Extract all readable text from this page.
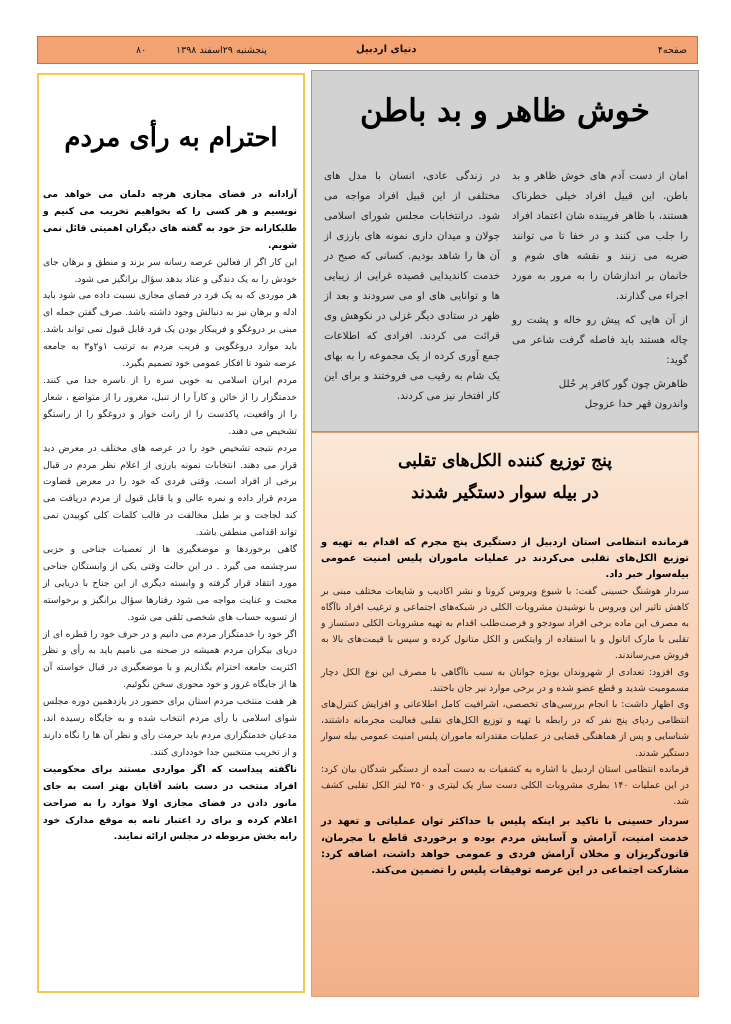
صفحه۴
دنیای اردبیل
پنجشنبه ۲۹اسفند ۱۳۹۸
۸۰
خوش ظاهر و بد باطن

امان از دست آدم های خوش ظاهر و بد باطن. این قبیل افراد خیلی خطرناک هستند، با ظاهر فریبنده شان اعتماد افراد را جلب می کنند و در خفا تا می توانند ضربه می زنند و نقشه های شوم و خانمان بر اندازشان را به مرور به مورد اجراء می گذارند.

از آن هایی که پیش رو خاله و پشت رو چاله هستند باید فاصله گرفت شاعر می گوید:

ظاهرش چون گور کافر پر حُلل

واندرون قهر خدا عزوجل

در زندگی عادی، انسان با مدل های مختلفی از این قبیل افراد مواجه می شود. درانتخابات مجلس شورای اسلامی جولان و میدان داری نمونه های بارزی از آن ها را شاهد بودیم. کسانی که صبح در خدمت کاندیدایی قصیده غرایی از زیبایی ها و توانایی های او می سرودند و بعد از ظهر در ستادی دیگر غزلی در نکوهش وی قرائت می کردند. افرادی که اطلاعات جمع آوری کرده از یک مجموعه را به بهای یک شام به رقیب می فروختند و برای این کار افتخار نیز می کردند.

پنج توزیع کننده الکل‌های تقلبی
در بیله سوار دستگیر شدند

فرمانده انتظامی استان اردبیل از دستگیری پنج مجرم که اقدام به تهیه و توزیع الکل‌های تقلبی می‌کردند در عملیات ماموران پلیس امنیت عمومی بیله‌سوار خبر داد.

سردار هوشنگ حسینی گفت: با شیوع ویروس کرونا و نشر اکاذیب و شایعات مختلف مبنی بر کاهش تاثیر این ویروس با نوشیدن مشروبات الکلی در شبکه‌های اجتماعی و ترغیب افراد ناآگاه به مصرف این ماده برخی افراد سودجو و فرصت‌طلب اقدام به تهیه مشروبات الکلی دستساز و تقلبی با مارک اتانول و با استفاده از وایتکس و الکل متانول کرده و سپس با قیمت‌های بالا به فروش می‌رساندند.

وی افزود: تعدادی از شهروندان بویژه جوانان به سبب ناآگاهی با مصرف این نوع الکل دچار مسمومیت شدید و قطع عضو شده و در برخی موارد نیر جان باختند.

وی اظهار داشت: با انجام بررسی‌های تخصصی، اشرافیت کامل اطلاعاتی و افزایش کنترل‌های انتظامی ردپای پنج نفر که در رابطه با تهیه و توزیع الکل‌های تقلبی فعالیت مجرمانه داشتند، شناسایی و پس از هماهنگی قضایی در عملیات مقتدرانه ماموران پلیس امنیت عمومی بیله سوار دستگیر شدند.

فرمانده انتظامی استان اردبیل با اشاره به کشفیات به دست آمده از دستگیر شدگان بیان کرد: در این عملیات ۱۴۰ بطری مشروبات الکلی دست ساز یک لیتری و ۲۵۰ لیتر الکل تقلبی کشف شد.

سردار حسینی با تاکید بر اینکه پلیس با حداکثر توان عملیاتی و تعهد در خدمت امنیت، آرامش و آسایش مردم بوده و برخوردی قاطع با مجرمان، قانون‌گریزان و مخلان آرامش فردی و عمومی خواهد داشت، اضافه کرد: مشارکت اجتماعی در این عرصه توفیقات پلیس را تضمین می‌کند.

احترام به رأی مردم

آزادانه در فضای مجازی هرچه دلمان می خواهد می نویسیم و هر کسی را که بخواهیم تخریب می کنیم و طلبکارانه حرَ خود به گفته های دیگران اهمیتی قائل نمی شویم.

این کار اگر از فعالین عرصه رسانه سر بزند و منطق و برهان جای خودش را به یک دندگی و عناد بدهد سؤال برانگیز می شود.

هر موردی که به یک فرد در فضای مجازی نسبت داده می شود باید ادله و برهان نیز به دنبالش وجود داشته باشد. صرف گفتن جمله ای مبنی بر دروغگو و فریبکار بودن یک فرد قابل قبول نمی تواند باشد. باید موارد دروغگویی و فریب مردم به ترتیب ۱و۲و۳ به جامعه عرضه شود تا افکار عمومی خود تصمیم بگیرد.

مردم ایران اسلامی به خوبی سره را از ناسره جدا می کنند. خدمتگزار را از خائن و کارآ را از تنبل، مغرور را از متواضع ، شعار را از واقعیت، پاکدست را از رانت خوار و دروغگو را از راستگو تشخیص می دهند.

مردم نتیجه تشخیص خود را در عرصه های مختلف در معرض دید قرار می دهند. انتخابات نمونه بارزی از اعلام نظر مردم در قبال برخی از افراد است. وقتی فردی که خود را در معرض قضاوت مردم قرار داده و نمره عالی و یا قابل قبول از مردم دریافت می کند لجاجت و بر طبل مخالفت در قالب کلمات کلی کوبیدن نمی تواند اقدامی منطقی باشد.

گاهی برخوردها و موضعگیری ها از تعصبات جناحی و حزبی سرچشمه می گیرد . در این حالت وقتی یکی از وابستگان جناحی مورد انتقاد قرار گرفته و وابسته دیگری از این جناح با دریایی از محبت و عنایت مواجه می شود رفتارها سؤال برانگیز و برخواسته از تسویه حساب های شخصی تلقی می شود.

اگر خود را خدمتگزار مردم می دانیم و در حرف خود را قطره ای از دریای بیکران مردم همیشه در صحنه می نامیم باید به رأی و نظر اکثریت جامعه احترام بگذاریم و با موضعگیری در قبال خواسته آن ها از جایگاه غرور و خود محوری سخن نگوئیم.

هر هفت منتخب مردم استان برای حضور در یازدهمین دوره مجلس شوای اسلامی با رأی مردم انتخاب شده و به جایگاه رسیده اند، مدعیان خدمتگزاری مردم باید حرمت رأی و نظر آن ها را نگاه دارند و از تخریب منتخبین جدا خودداری کنند.

ناگفته پیداست که اگر مواردی مستند برای محکومیت افراد منتخب در دست باشد آقایان بهتر است به جای مانور دادن در فضای مجازی اولا موارد را به صراحت اعلام کرده و برای رد اعتبار نامه به موقع مدارک خود رابه بخش مربوطه در مجلس ارائه نمایند.
